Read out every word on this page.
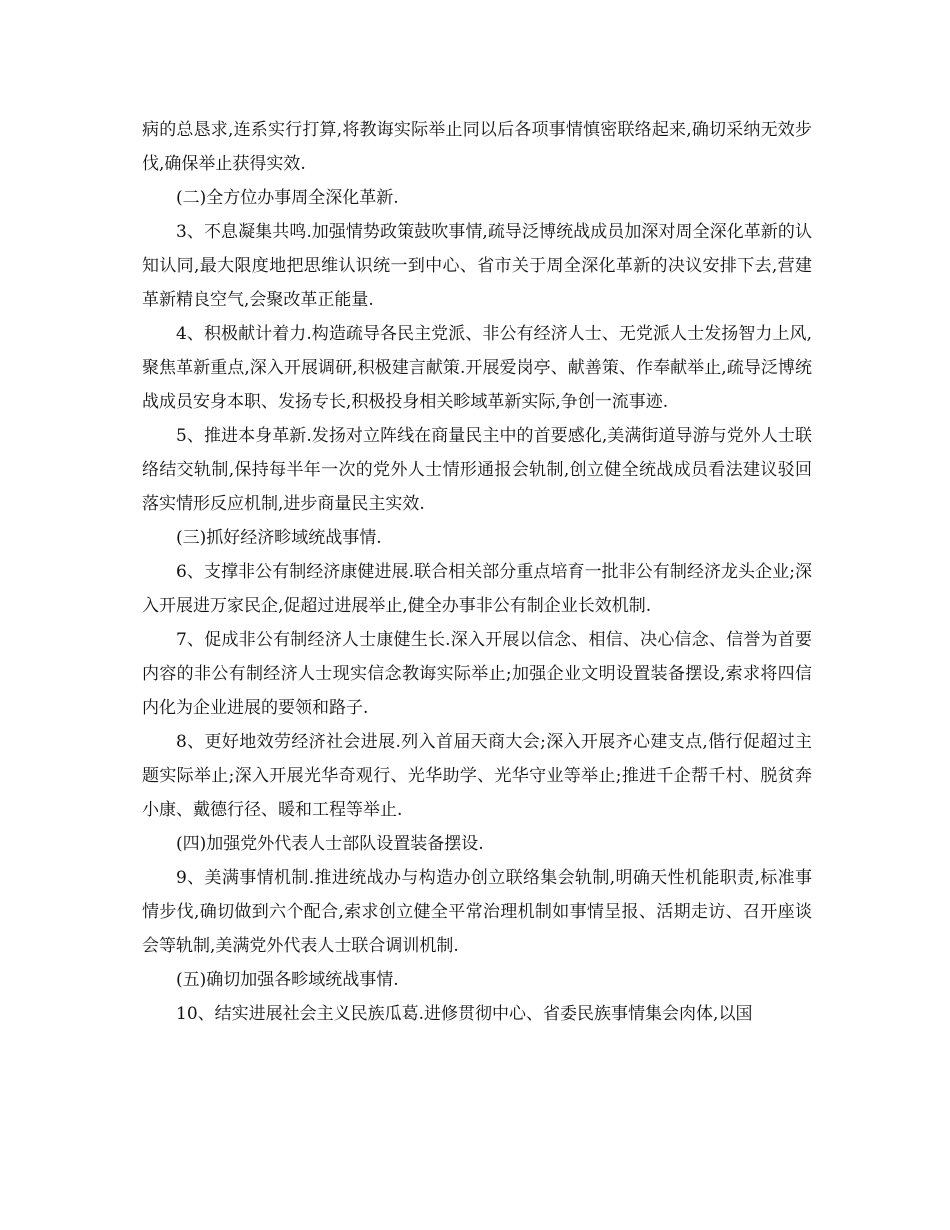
病的总恳求,连系实行打算,将教诲实际举止同以后各项事情慎密联络起来,确切采纳无效步伐,确保举止获得实效.

(二)全方位办事周全深化革新.

3、不息凝集共鸣.加强情势政策鼓吹事情,疏导泛博统战成员加深对周全深化革新的认知认同,最大限度地把思维认识统一到中心、省市关于周全深化革新的决议安排下去,营建革新精良空气,会聚改革正能量.

4、积极献计着力.构造疏导各民主党派、非公有经济人士、无党派人士发扬智力上风,聚焦革新重点,深入开展调研,积极建言献策.开展爱岗亭、献善策、作奉献举止,疏导泛博统战成员安身本职、发扬专长,积极投身相关畛域革新实际,争创一流事迹.

5、推进本身革新.发扬对立阵线在商量民主中的首要感化,美满街道导游与党外人士联络结交轨制,保持每半年一次的党外人士情形通报会轨制,创立健全统战成员看法建议驳回落实情形反应机制,进步商量民主实效.

(三)抓好经济畛域统战事情.

6、支撑非公有制经济康健进展.联合相关部分重点培育一批非公有制经济龙头企业;深入开展进万家民企,促超过进展举止,健全办事非公有制企业长效机制.

7、促成非公有制经济人士康健生长.深入开展以信念、相信、决心信念、信誉为首要内容的非公有制经济人士现实信念教诲实际举止;加强企业文明设置装备摆设,索求将四信内化为企业进展的要领和路子.

8、更好地效劳经济社会进展.列入首届天商大会;深入开展齐心建支点,偕行促超过主题实际举止;深入开展光华奇观行、光华助学、光华守业等举止;推进千企帮千村、脱贫奔小康、戴德行径、暖和工程等举止.

(四)加强党外代表人士部队设置装备摆设.

9、美满事情机制.推进统战办与构造办创立联络集会轨制,明确天性机能职责,标准事情步伐,确切做到六个配合,索求创立健全平常治理机制如事情呈报、活期走访、召开座谈会等轨制,美满党外代表人士联合调训机制.

(五)确切加强各畛域统战事情.

10、结实进展社会主义民族瓜葛.进修贯彻中心、省委民族事情集会肉体,以国
